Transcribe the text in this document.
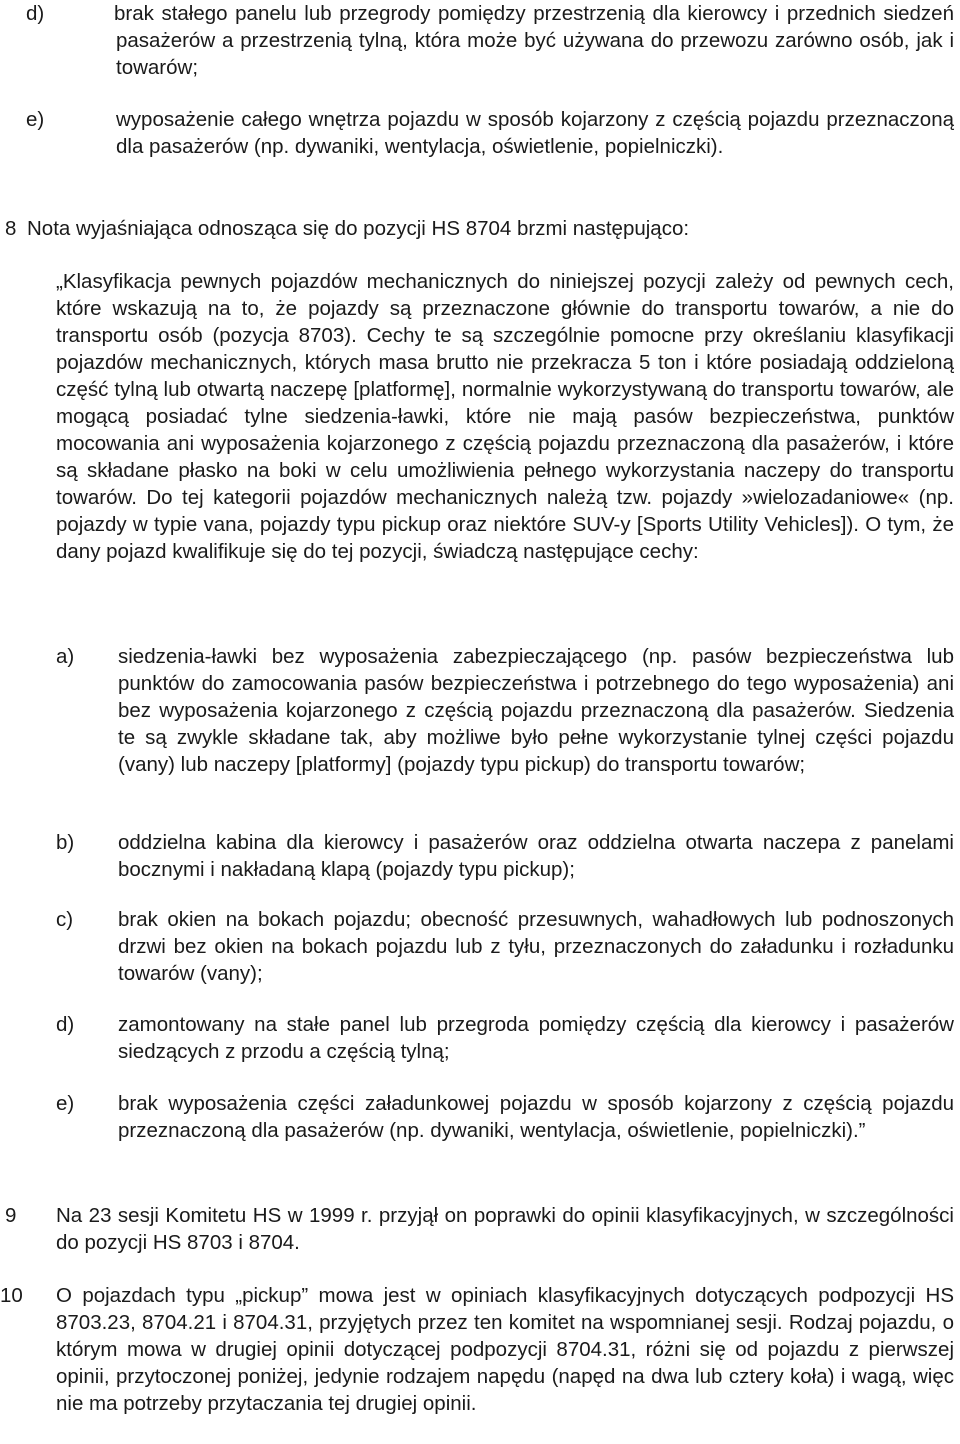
d)	brak stałego panelu lub przegrody pomiędzy przestrzenią dla kierowcy i przednich siedzeń pasażerów a przestrzenią tylną, która może być używana do przewozu zarówno osób, jak i towarów;

e)	wyposażenie całego wnętrza pojazdu w sposób kojarzony z częścią pojazdu przeznaczoną dla pasażerów (np. dywaniki, wentylacja, oświetlenie, popielniczki).

8 Nota wyjaśniająca odnosząca się do pozycji HS 8704 brzmi następująco:

„Klasyfikacja pewnych pojazdów mechanicznych do niniejszej pozycji zależy od pewnych cech, które wskazują na to, że pojazdy są przeznaczone głównie do transportu towarów, a nie do transportu osób (pozycja 8703). Cechy te są szczególnie pomocne przy określaniu klasyfikacji pojazdów mechanicznych, których masa brutto nie przekracza 5 ton i które posiadają oddzieloną część tylną lub otwartą naczepę [platformę], normalnie wykorzystywaną do transportu towarów, ale mogącą posiadać tylne siedzenia-ławki, które nie mają pasów bezpieczeństwa, punktów mocowania ani wyposażenia kojarzonego z częścią pojazdu przeznaczoną dla pasażerów, i które są składane płasko na boki w celu umożliwienia pełnego wykorzystania naczepy do transportu towarów. Do tej kategorii pojazdów mechanicznych należą tzw. pojazdy »wielozadaniowe« (np. pojazdy w typie vana, pojazdy typu pickup oraz niektóre SUV-y [Sports Utility Vehicles]). O tym, że dany pojazd kwalifikuje się do tej pozycji, świadczą następujące cechy:

a)	siedzenia-ławki bez wyposażenia zabezpieczającego (np. pasów bezpieczeństwa lub punktów do zamocowania pasów bezpieczeństwa i potrzebnego do tego wyposażenia) ani bez wyposażenia kojarzonego z częścią pojazdu przeznaczoną dla pasażerów. Siedzenia te są zwykle składane tak, aby możliwe było pełne wykorzystanie tylnej części pojazdu (vany) lub naczepy [platformy] (pojazdy typu pickup) do transportu towarów;

b)	oddzielna kabina dla kierowcy i pasażerów oraz oddzielna otwarta naczepa z panelami bocznymi i nakładaną klapą (pojazdy typu pickup);

c)	brak okien na bokach pojazdu; obecność przesuwnych, wahadłowych lub podnoszonych drzwi bez okien na bokach pojazdu lub z tyłu, przeznaczonych do załadunku i rozładunku towarów (vany);

d)	zamontowany na stałe panel lub przegroda pomiędzy częścią dla kierowcy i pasażerów siedzących z przodu a częścią tylną;

e)	brak wyposażenia części załadunkowej pojazdu w sposób kojarzony z częścią pojazdu przeznaczoną dla pasażerów (np. dywaniki, wentylacja, oświetlenie, popielniczki).”

9	Na 23 sesji Komitetu HS w 1999 r. przyjął on poprawki do opinii klasyfikacyjnych, w szczególności do pozycji HS 8703 i 8704.

10	O pojazdach typu „pickup” mowa jest w opiniach klasyfikacyjnych dotyczących podpozycji HS 8703.23, 8704.21 i 8704.31, przyjętych przez ten komitet na wspomnianej sesji. Rodzaj pojazdu, o którym mowa w drugiej opinii dotyczącej podpozycji 8704.31, różni się od pojazdu z pierwszej opinii, przytoczonej poniżej, jedynie rodzajem napędu (napęd na dwa lub cztery koła) i wagą, więc nie ma potrzeby przytaczania tej drugiej opinii.
